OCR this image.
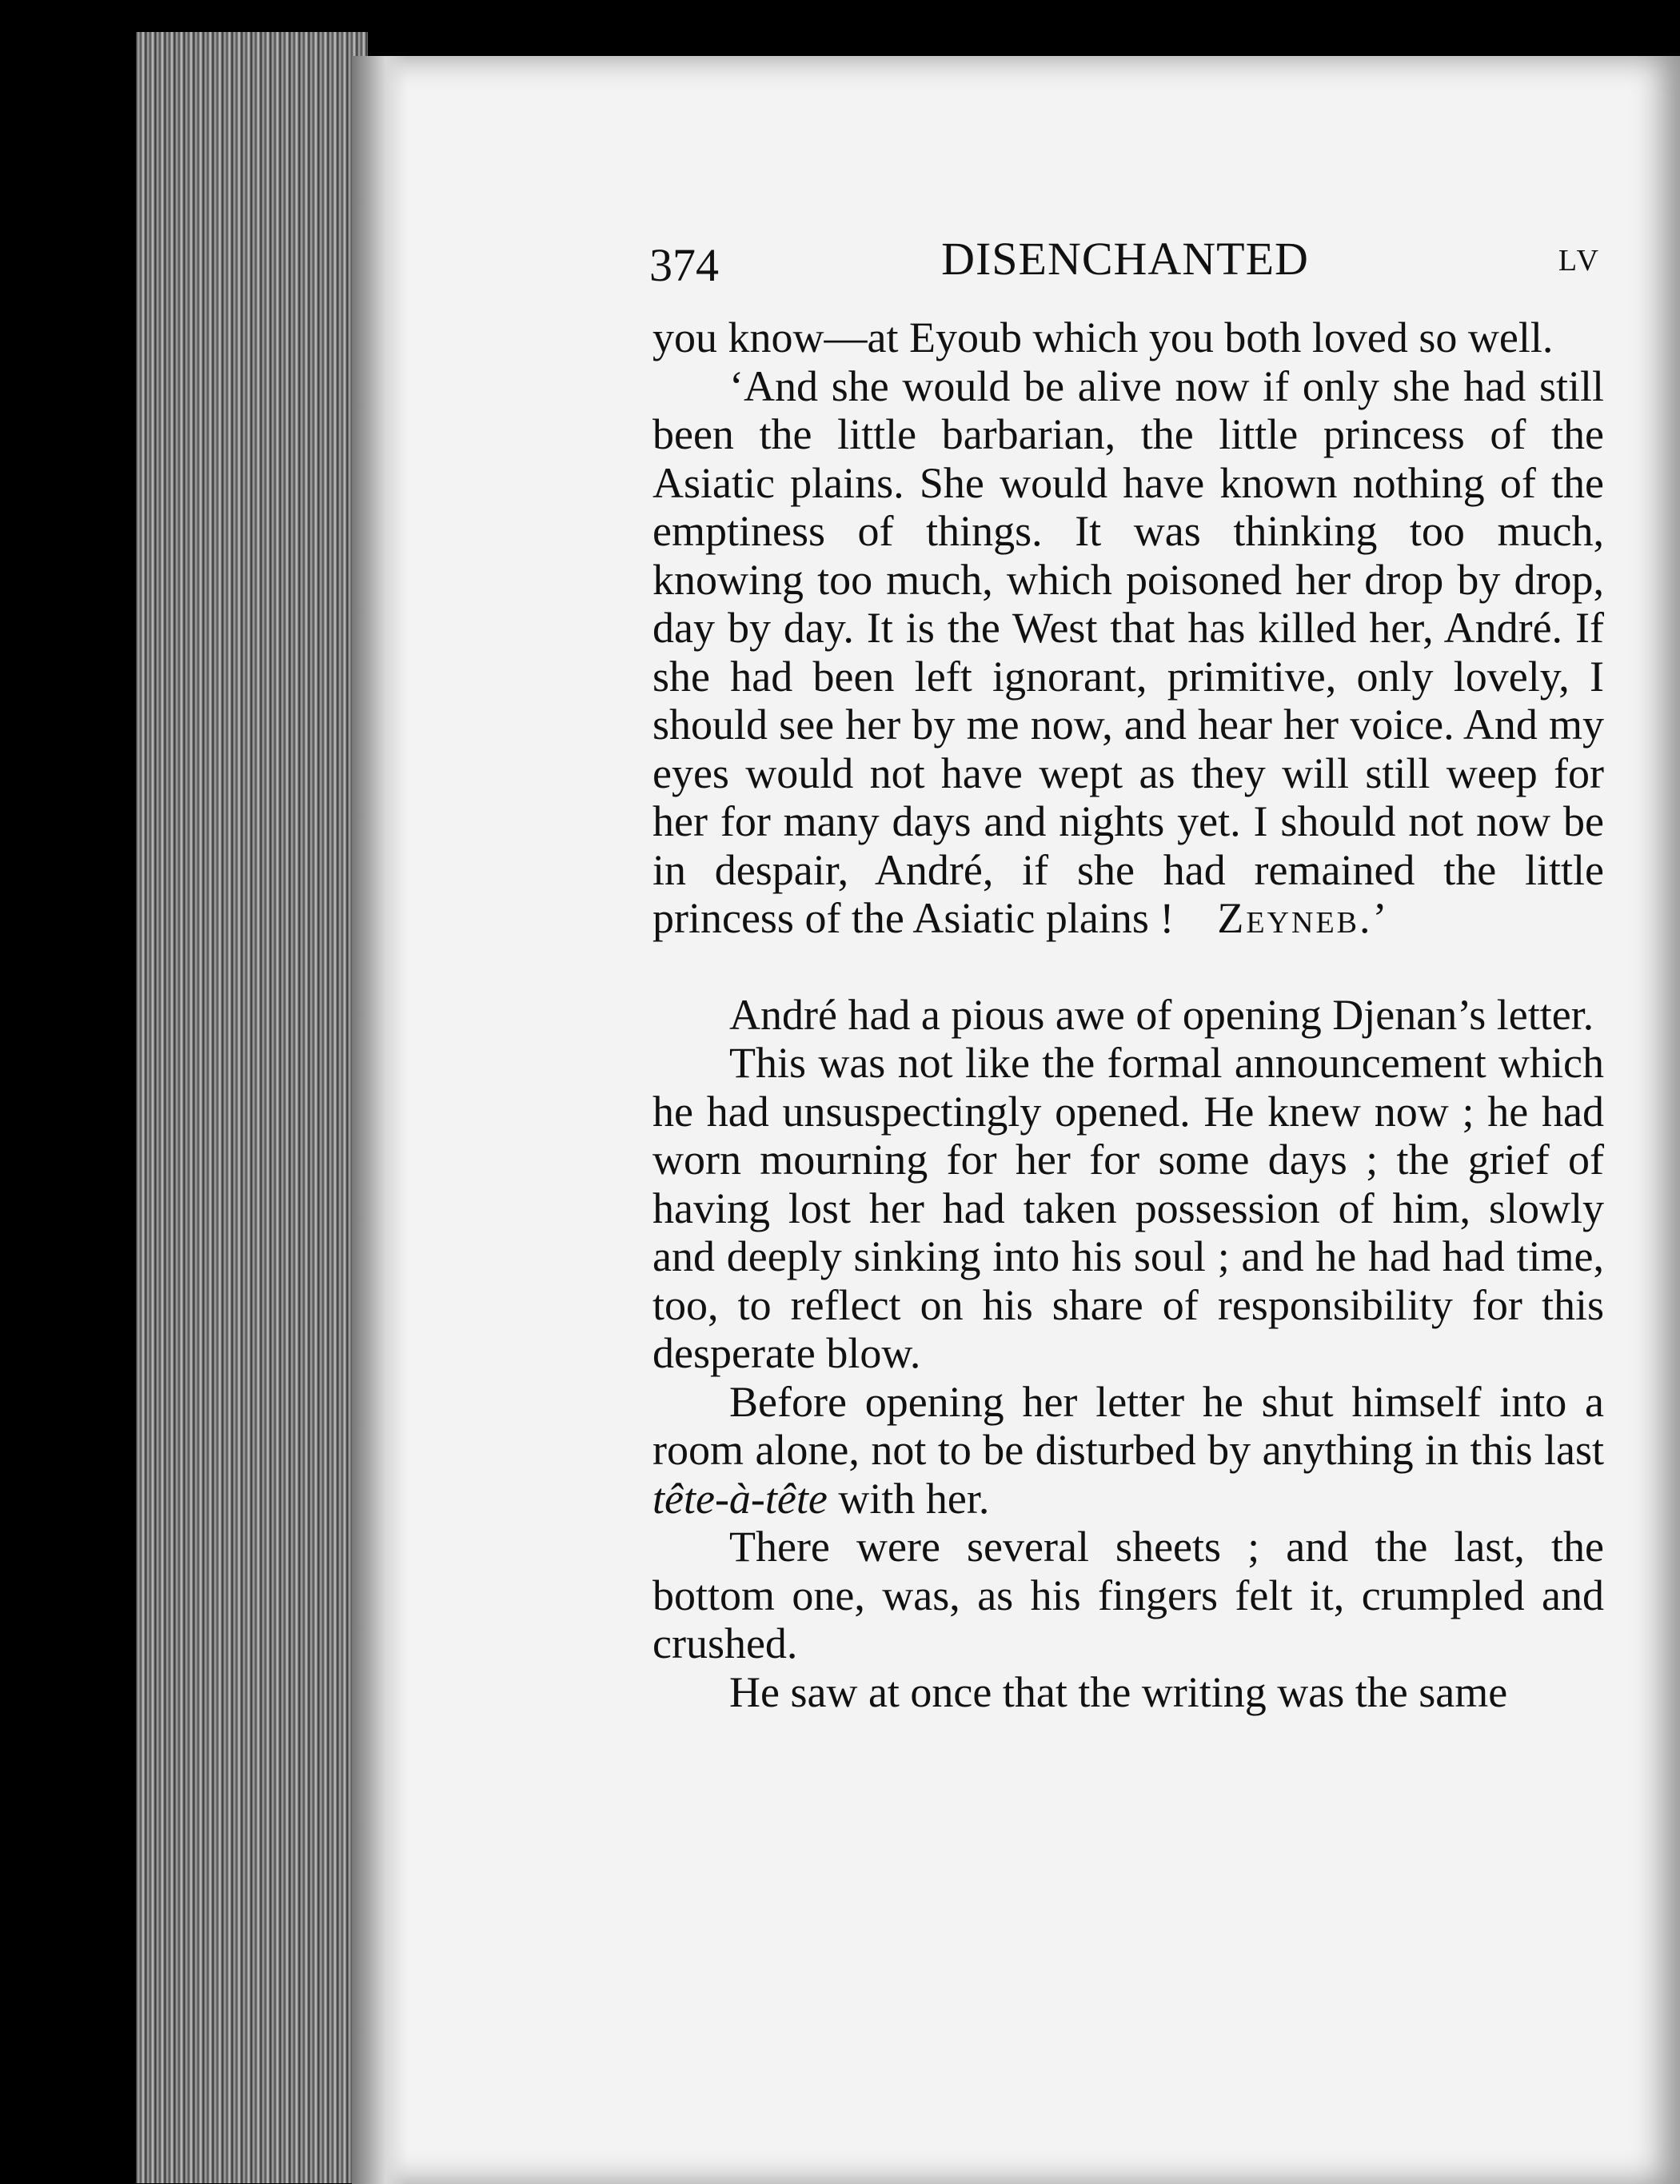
374	DISENCHANTED	LV

you know—at Eyoub which you both loved so well.

‘And she would be alive now if only she had still been the little barbarian, the little princess of the Asiatic plains. She would have known nothing of the emptiness of things. It was thinking too much, knowing too much, which poisoned her drop by drop, day by day. It is the West that has killed her, André. If she had been left ignorant, primitive, only lovely, I should see her by me now, and hear her voice. And my eyes would not have wept as they will still weep for her for many days and nights yet. I should not now be in despair, André, if she had remained the little princess of the Asiatic plains ! Zeyneb.’

André had a pious awe of opening Djenan’s letter.

This was not like the formal announcement which he had unsuspectingly opened. He knew now ; he had worn mourning for her for some days ; the grief of having lost her had taken possession of him, slowly and deeply sinking into his soul ; and he had had time, too, to reflect on his share of responsibility for this desperate blow.

Before opening her letter he shut himself into a room alone, not to be disturbed by anything in this last tête-à-tête with her.

There were several sheets ; and the last, the bottom one, was, as his fingers felt it, crumpled and crushed.

He saw at once that the writing was the same
